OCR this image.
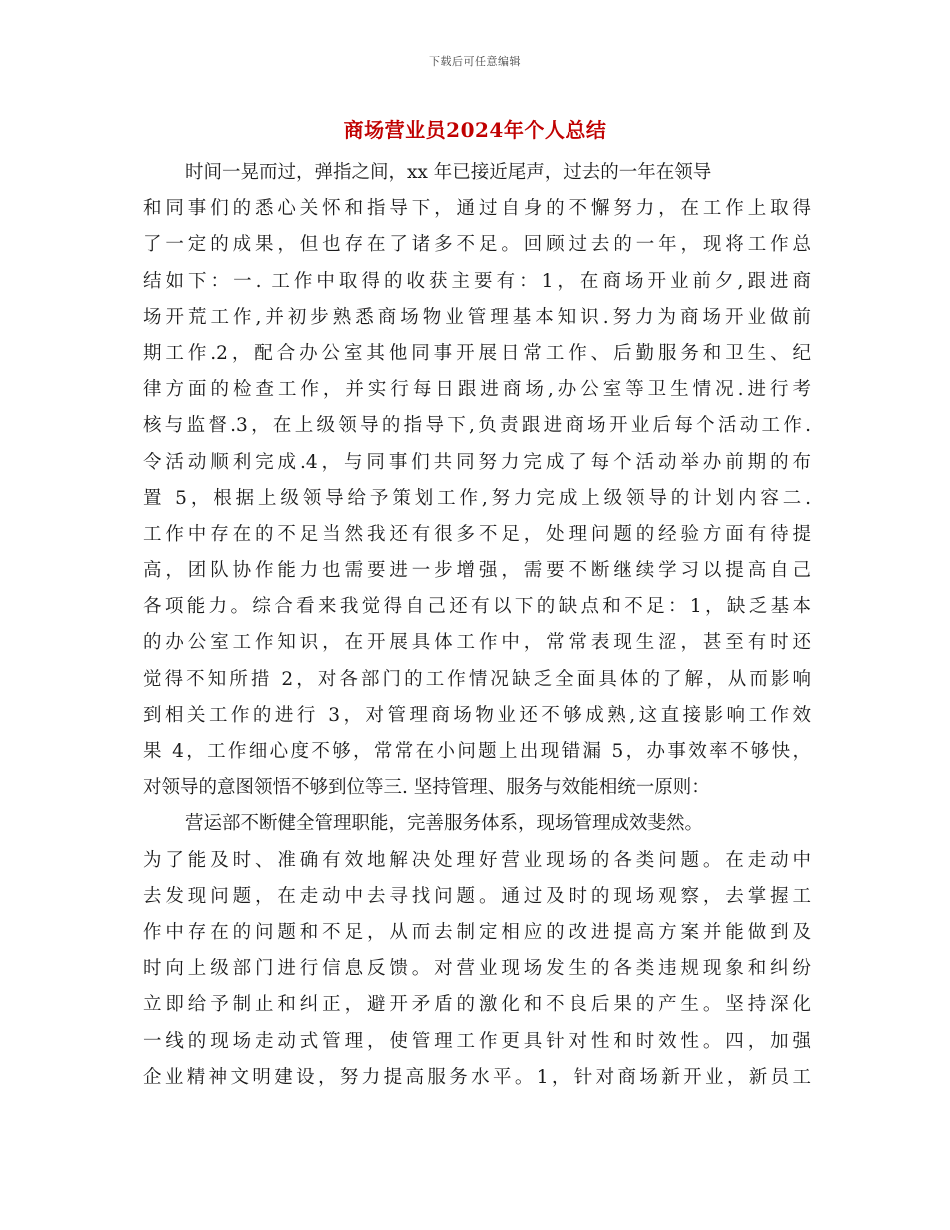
下载后可任意编辑
商场营业员2024年个人总结
时间一晃而过，弹指之间，xx 年已接近尾声，过去的一年在领导
和同事们的悉心关怀和指导下，通过自身的不懈努力，在工作上取得
了一定的成果，但也存在了诸多不足。回顾过去的一年，现将工作总
结如下：一. 工作中取得的收获主要有：1，在商场开业前夕,跟进商
场开荒工作,并初步熟悉商场物业管理基本知识.努力为商场开业做前
期工作.2，配合办公室其他同事开展日常工作、后勤服务和卫生、纪
律方面的检查工作，并实行每日跟进商场,办公室等卫生情况.进行考
核与监督.3，在上级领导的指导下,负责跟进商场开业后每个活动工作.
令活动顺利完成.4，与同事们共同努力完成了每个活动举办前期的布
置 5，根据上级领导给予策划工作,努力完成上级领导的计划内容二.
工作中存在的不足当然我还有很多不足，处理问题的经验方面有待提
高，团队协作能力也需要进一步增强，需要不断继续学习以提高自己
各项能力。综合看来我觉得自己还有以下的缺点和不足：1，缺乏基本
的办公室工作知识，在开展具体工作中，常常表现生涩，甚至有时还
觉得不知所措 2，对各部门的工作情况缺乏全面具体的了解，从而影响
到相关工作的进行 3，对管理商场物业还不够成熟,这直接影响工作效
果 4，工作细心度不够，常常在小问题上出现错漏 5，办事效率不够快，
对领导的意图领悟不够到位等三. 坚持管理、服务与效能相统一原则：
营运部不断健全管理职能，完善服务体系，现场管理成效斐然。
为了能及时、准确有效地解决处理好营业现场的各类问题。在走动中
去发现问题，在走动中去寻找问题。通过及时的现场观察，去掌握工
作中存在的问题和不足，从而去制定相应的改进提高方案并能做到及
时向上级部门进行信息反馈。对营业现场发生的各类违规现象和纠纷
立即给予制止和纠正，避开矛盾的激化和不良后果的产生。坚持深化
一线的现场走动式管理，使管理工作更具针对性和时效性。四，加强
企业精神文明建设，努力提高服务水平。1，针对商场新开业，新员工
